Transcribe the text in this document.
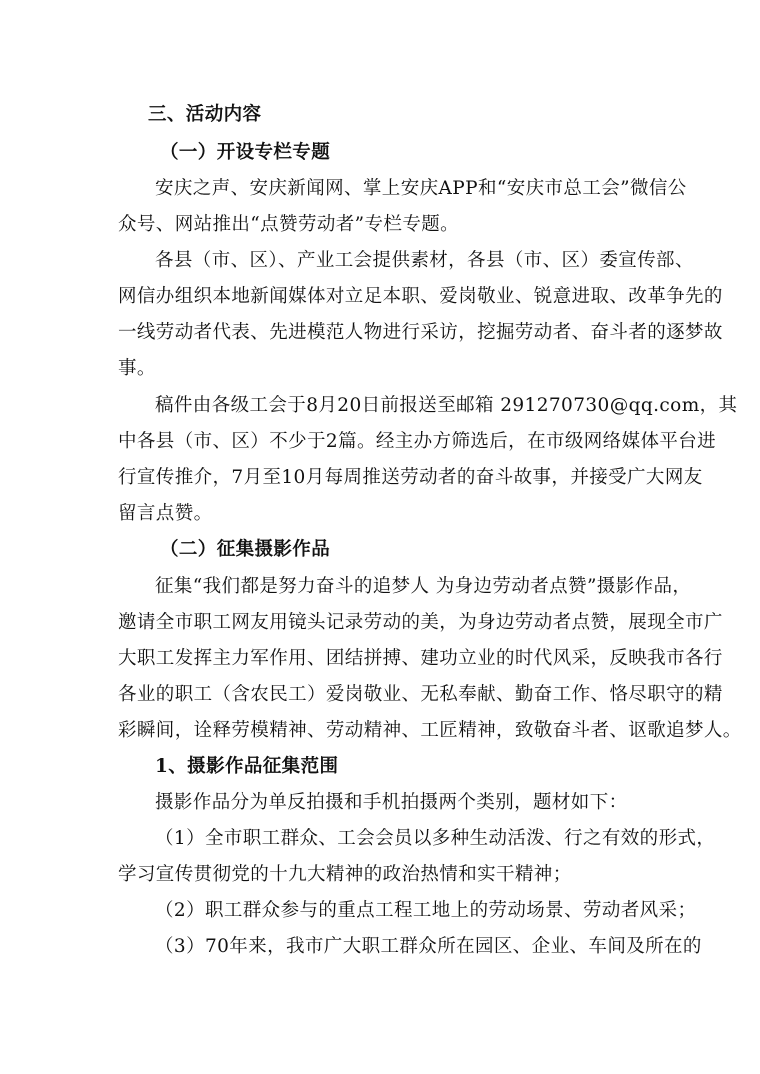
三、活动内容
（一）开设专栏专题
安庆之声、安庆新闻网、掌上安庆APP和“安庆市总工会”微信公
众号、网站推出“点赞劳动者”专栏专题。
各县（市、区）、产业工会提供素材，各县（市、区）委宣传部、
网信办组织本地新闻媒体对立足本职、爱岗敬业、锐意进取、改革争先的
一线劳动者代表、先进模范人物进行采访，挖掘劳动者、奋斗者的逐梦故
事。
稿件由各级工会于8月20日前报送至邮箱 291270730@qq.com，其
中各县（市、区）不少于2篇。经主办方筛选后，在市级网络媒体平台进
行宣传推介，7月至10月每周推送劳动者的奋斗故事，并接受广大网友
留言点赞。
（二）征集摄影作品
征集“我们都是努力奋斗的追梦人 为身边劳动者点赞”摄影作品，
邀请全市职工网友用镜头记录劳动的美，为身边劳动者点赞，展现全市广
大职工发挥主力军作用、团结拼搏、建功立业的时代风采，反映我市各行
各业的职工（含农民工）爱岗敬业、无私奉献、勤奋工作、恪尽职守的精
彩瞬间，诠释劳模精神、劳动精神、工匠精神，致敬奋斗者、讴歌追梦人。
1、摄影作品征集范围
摄影作品分为单反拍摄和手机拍摄两个类别，题材如下：
（1）全市职工群众、工会会员以多种生动活泼、行之有效的形式，
学习宣传贯彻党的十九大精神的政治热情和实干精神；
（2）职工群众参与的重点工程工地上的劳动场景、劳动者风采；
（3）70年来，我市广大职工群众所在园区、企业、车间及所在的
